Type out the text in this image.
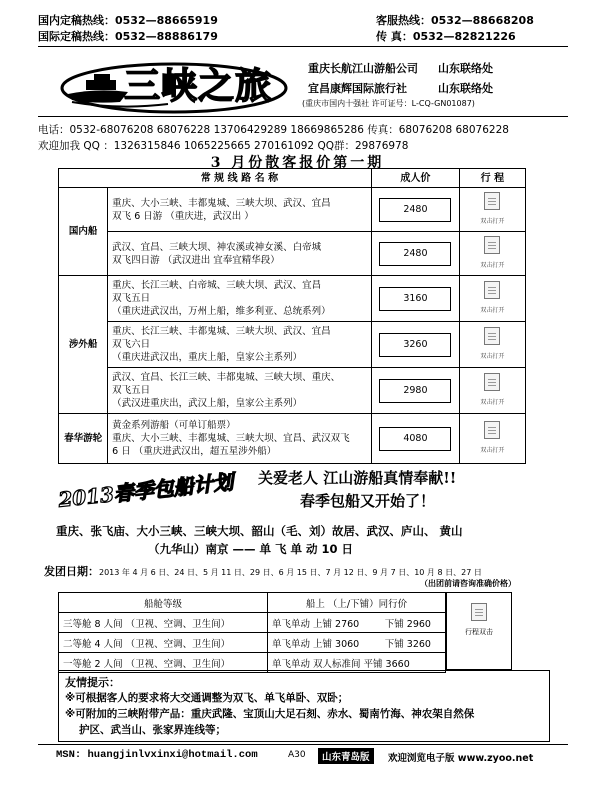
国内定稿热线：0532—88665919
国际定稿热线：0532—88886179
客服热线：0532—88668208
传 真：0532—82821226
三峡之旅	重庆长航江山游船公司 山东联络处
宜昌康辉国际旅行社	山东联络处
(重庆市国内十强社 许可证号：L-CQ-GN01087)
电话：0532-68076208 68076228 13706429289 18669865286 传真：68076208 68076228
欢迎加我 QQ ：1326315846 1065225665 270161092 QQ群：29876978
3 月份散客报价第一期
	常 规 线 路 名 称	成人价	行 程
国内船	重庆、大小三峡、丰都鬼城、三峡大坝、武汉、宜昌
双飞 6 日游 （重庆进，武汉出 ）	2480	双击打开

	武汉、宜昌、三峡大坝、神农溪或神女溪、白帝城
双飞四日游 （武汉进出 宜奉宜精华段）	2480	双击打开

涉外船	重庆、长江三峡、白帝城、三峡大坝、武汉、宜昌
双飞五日
（重庆进武汉出，万州上船，维多利亚、总统系列）	3160	双击打开

	重庆、长江三峡、丰都鬼城、三峡大坝、武汉、宜昌
双飞六日
（重庆进武汉出，重庆上船，皇家公主系列）	3260	双击打开

	武汉、宜昌、长江三峡、丰都鬼城、三峡大坝、重庆、
双飞五日
（武汉进重庆出，武汉上船，皇家公主系列）	2980	双击打开

春华游轮	黄金系列游船（可单订船票）
重庆、大小三峡、丰都鬼城、三峡大坝、宜昌、武汉双飞
6 日 （重庆进武汉出，超五星涉外船）	4080	双击打开
2013春季包船计划 关爱老人 江山游船真情奉献!!
春季包船又开始了！
重庆、张飞庙、大小三峡、三峡大坝、韶山（毛、刘）故居、武汉、庐山、 黄山
（九华山）南京 —— 单 飞 单 动 10 日
发团日期：2013 年 4 月 6 日、24 日、5 月 11 日、29 日、6 月 15 日、7 月 12 日、9 月 7 日、10 月 8 日、27 日
（出团前请咨询准确价格）
船舱等级	船上 （上/下铺）同行价	
三等舱 8 人间 （卫视、空调、卫生间）	单飞单动 上铺 2760	下铺 2960
二等舱 4 人间 （卫视、空调、卫生间）	单飞单动 上铺 3060	下铺 3260
一等舱 2 人间 （卫视、空调、卫生间）	单飞单动 双人标准间 平铺 3660	
行程双击
友情提示：
※可根据客人的要求将大交通调整为双飞、单飞单卧、双卧；
※可附加的三峡附带产品：重庆武隆、宝顶山大足石刻、赤水、蜀南竹海、神农架自然保
护区、武当山、张家界连线等；
MSN: huangjinlvxinxi@hotmail.com	A30	山东青岛版	欢迎浏览电子版 www.zyoo.net
